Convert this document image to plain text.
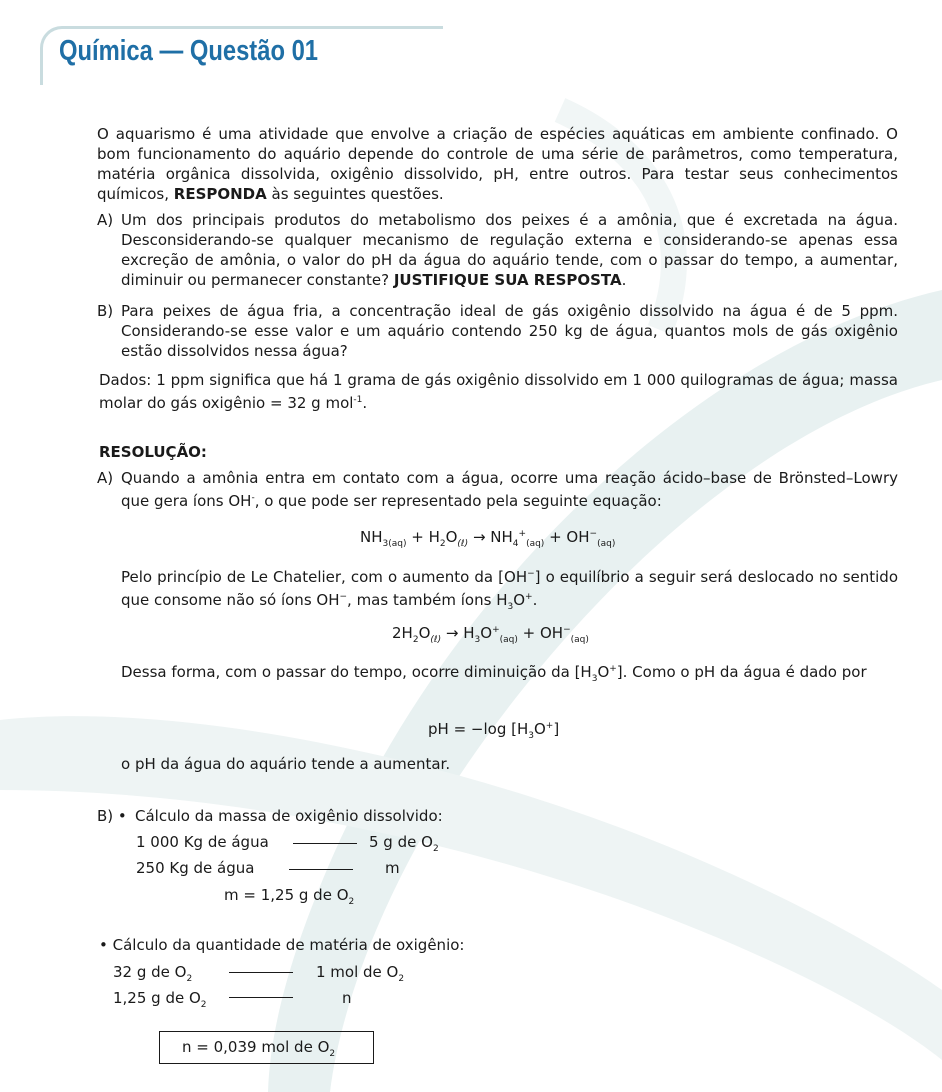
Química — Questão 01
O aquarismo é uma atividade que envolve a criação de espécies aquáticas em ambiente confinado. O bom funcionamento do aquário depende do controle de uma série de parâmetros, como temperatura, matéria orgânica dissolvida, oxigênio dissolvido, pH, entre outros. Para testar seus conhecimentos químicos, RESPONDA às seguintes questões.
A) Um dos principais produtos do metabolismo dos peixes é a amônia, que é excretada na água. Desconsiderando-se qualquer mecanismo de regulação externa e considerando-se apenas essa excreção de amônia, o valor do pH da água do aquário tende, com o passar do tempo, a aumentar, diminuir ou permanecer constante? JUSTIFIQUE SUA RESPOSTA.
B) Para peixes de água fria, a concentração ideal de gás oxigênio dissolvido na água é de 5 ppm. Considerando-se esse valor e um aquário contendo 250 kg de água, quantos mols de gás oxigênio estão dissolvidos nessa água?
Dados: 1 ppm significa que há 1 grama de gás oxigênio dissolvido em 1 000 quilogramas de água; massa molar do gás oxigênio = 32 g mol$^{-1}$.
RESOLUÇÃO:
A) Quando a amônia entra em contato com a água, ocorre uma reação ácido–base de Brönsted–Lowry que gera íons OH-, o que pode ser representado pela seguinte equação:
$NH_{3(aq)} + H_2O_{(\ell)} \to NH_4^+_{(aq)} + OH^-_{(aq)}$
Pelo princípio de Le Chatelier, com o aumento da [OH−] o equilíbrio a seguir será deslocado no sentido que consome não só íons OH−, mas também íons $H_3O^+$.
$2H_2O_{(\ell)} \to H_3O^+_{(aq)} + OH^-_{(aq)}$
Dessa forma, com o passar do tempo, ocorre diminuição da $[H_3O^+]$. Como o pH da água é dado por
pH = −log $[H_3O^+]$
o pH da água do aquário tende a aumentar.
B) • Cálculo da massa de oxigênio dissolvido:
1 000 Kg de água	5 g de $O_2$
250 Kg de água	m
m = 1,25 g de $O_2$
• Cálculo da quantidade de matéria de oxigênio:
32 g de $O_2$	1 mol de $O_2$
1,25 g de $O_2$	n
n = 0,039 mol de $O_2$
